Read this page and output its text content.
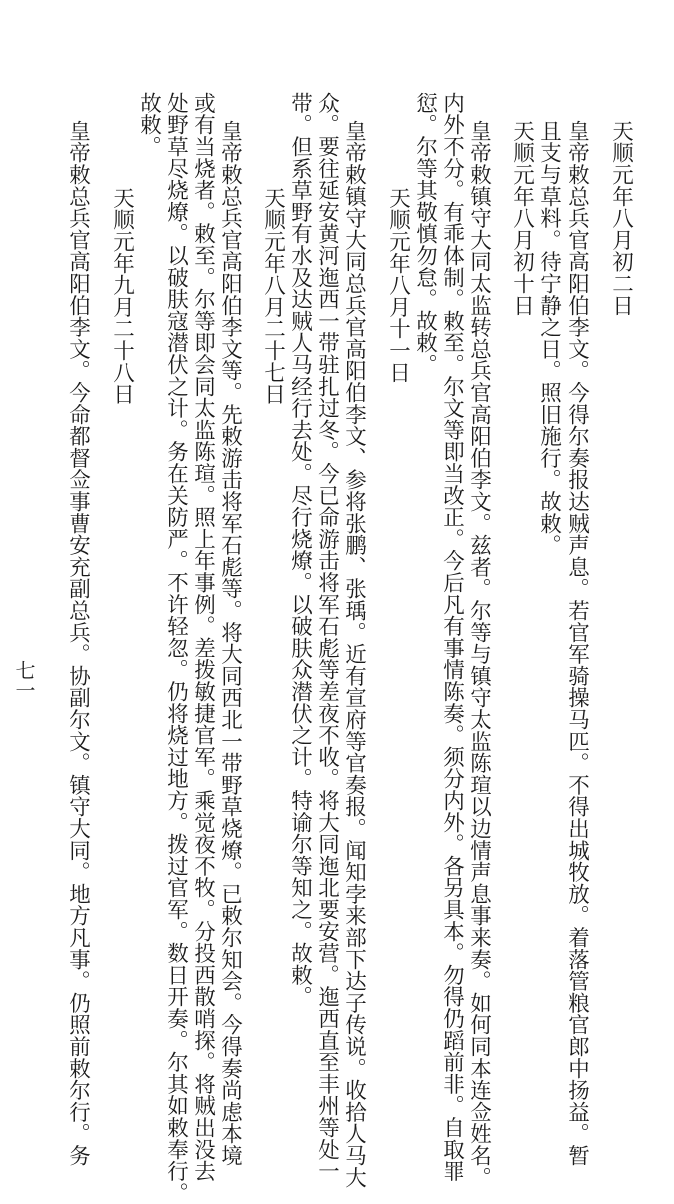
天顺元年八月初二日
皇帝敕总兵官高阳伯李文。今得尔奏报达贼声息。若官军骑操马匹。不得出城牧放。着落管粮官郎中扬益。暂
且支与草料。待宁静之日。照旧施行。故敕。
天顺元年八月初十日
皇帝敕镇守大同太监转总兵官高阳伯李文。兹者。尔等与镇守太监陈瑄以边情声息事来奏。如何同本连佥姓名。
内外不分。有乖体制。敕至。尔文等即当改正。今后凡有事情陈奏。须分内外。各另具本。勿得仍蹈前非。自取罪
愆。尔等其敬慎勿怠。故敕。
天顺元年八月十一日
皇帝敕镇守大同总兵官高阳伯李文、参将张鹏、张瑀。近有宣府等官奏报。闻知孛来部下达子传说。收拾人马大
众。要往延安黄河迤西一带驻扎过冬。今已命游击将军石彪等差夜不收。将大同迤北要安营。迤西直至丰州等处一
带。但系草野有水及达贼人马经行去处。尽行烧燎。以破肤众潜伏之计。特谕尔等知之。故敕。
天顺元年八月二十七日
皇帝敕总兵官高阳伯李文等。先敕游击将军石彪等。将大同西北一带野草烧燎。已敕尔知会。今得奏尚虑本境
或有当烧者。敕至。尔等即会同太监陈瑄。照上年事例。差拨敏捷官军。乘觉夜不牧。分投西散哨探。将贼出没去
处野草尽烧燎。以破肤寇潜伏之计。务在关防严。不许轻忽。仍将烧过地方。拨过官军。数日开奏。尔其如敕奉行。
故敕。
天顺元年九月二十八日
皇帝敕总兵官高阳伯李文。今命都督佥事曹安充副总兵。协副尔文。镇守大同。地方凡事。仍照前敕尔行。务
七一
